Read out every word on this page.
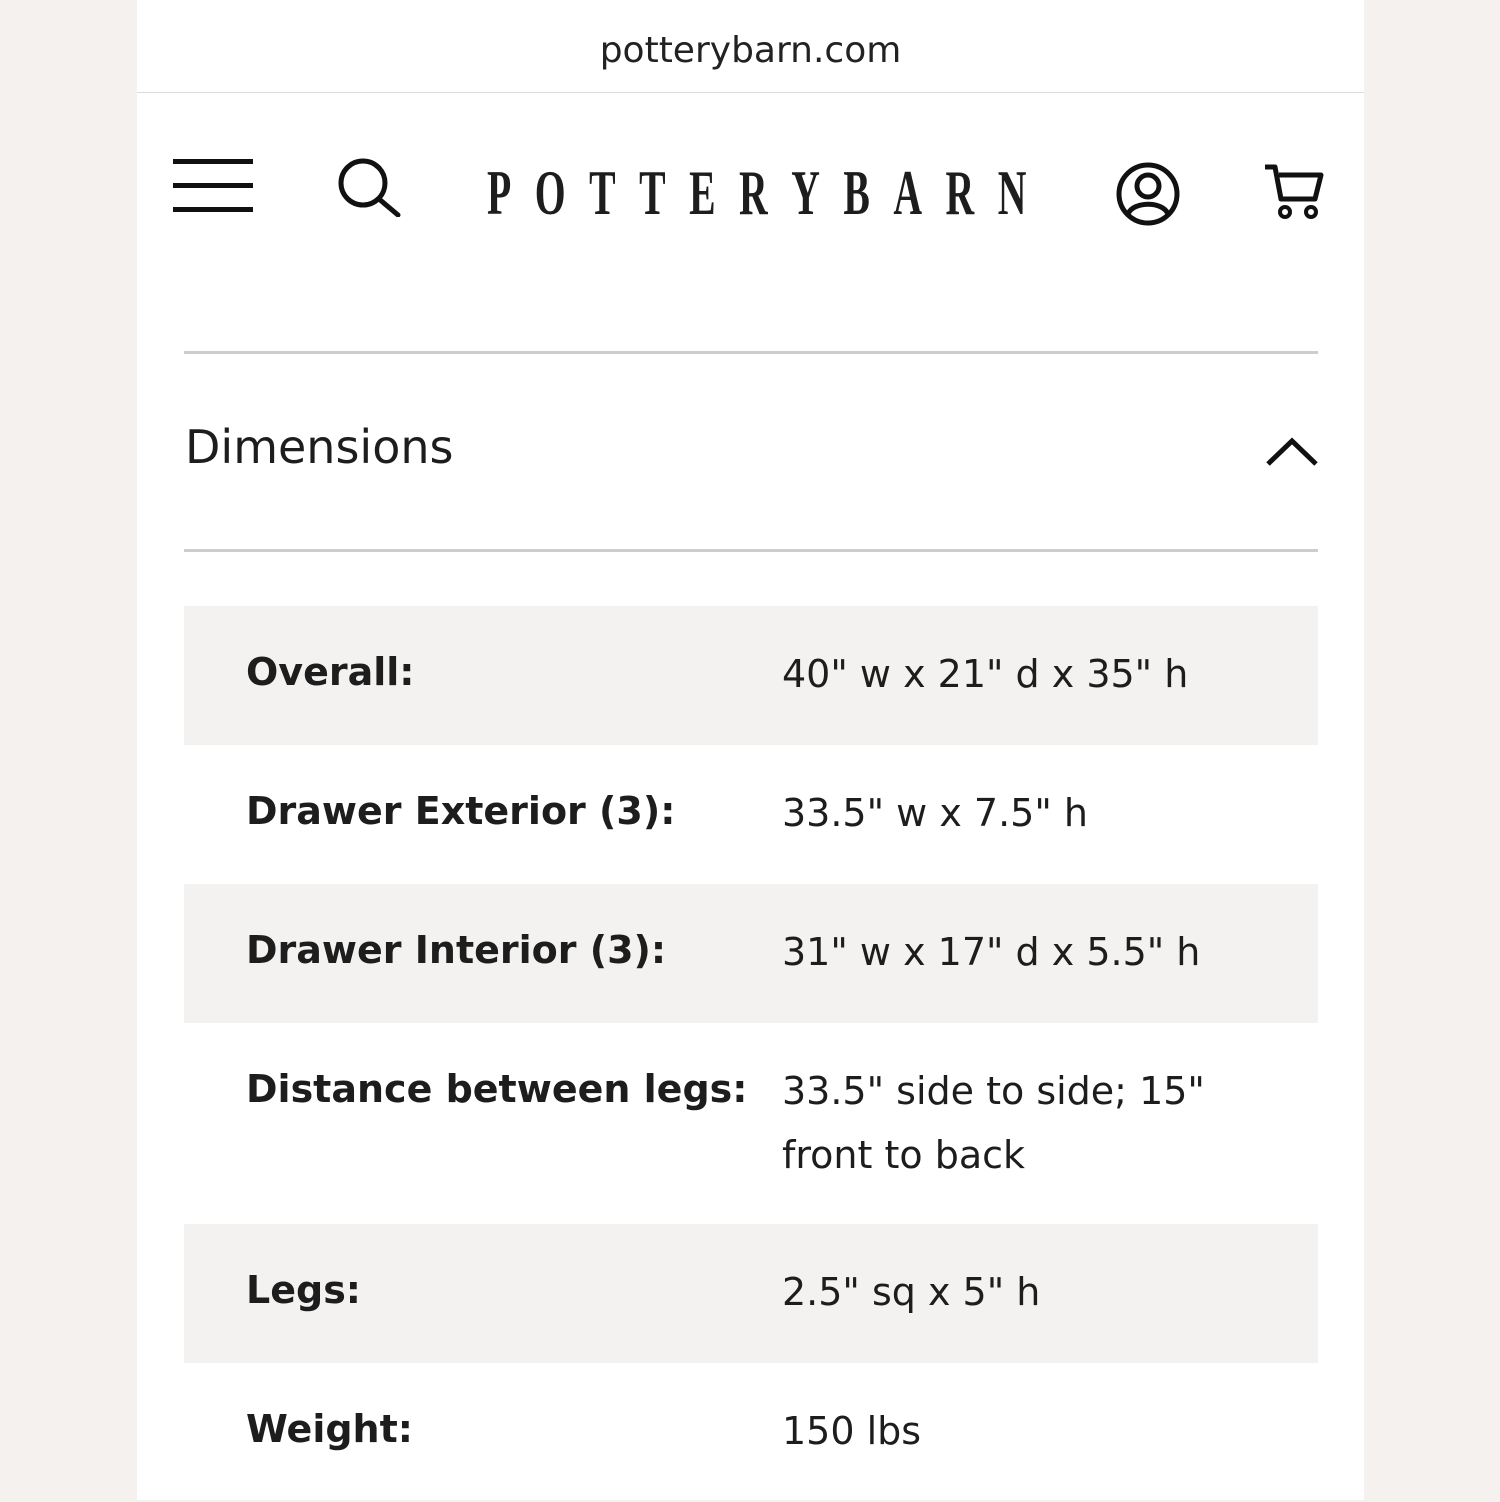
potterybarn.com
P O T T E R Y B A R N
Dimensions
Overall:	40" w x 21" d x 35" h
Drawer Exterior (3):	33.5" w x 7.5" h
Drawer Interior (3):	31" w x 17" d x 5.5" h
Distance between legs: 33.5" side to side; 15" front to back
Legs:	2.5" sq x 5" h
Weight:	150 lbs
